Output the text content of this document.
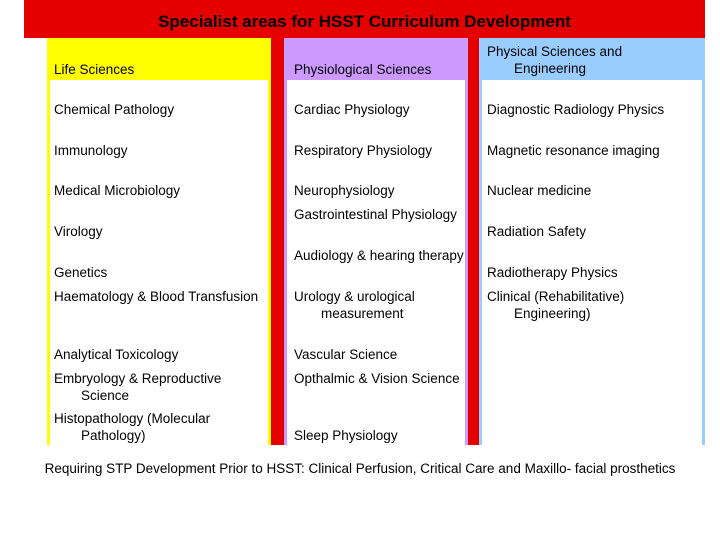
Specialist areas for HSST Curriculum Development
Life Sciences
Chemical Pathology
Immunology
Medical Microbiology
Virology
Genetics
Haematology & Blood Transfusion
Analytical Toxicology
Embryology & Reproductive Science
Histopathology (Molecular Pathology)
Physiological Sciences
Cardiac Physiology
Respiratory Physiology
Neurophysiology
Gastrointestinal Physiology
Audiology & hearing therapy
Urology & urological measurement
Vascular Science
Opthalmic & Vision Science
Sleep Physiology
Physical Sciences and Engineering
Diagnostic Radiology Physics
Magnetic resonance imaging
Nuclear medicine
Radiation Safety
Radiotherapy Physics
Clinical (Rehabilitative) Engineering)
Requiring STP Development Prior to HSST: Clinical Perfusion, Critical Care and Maxillo- facial prosthetics
